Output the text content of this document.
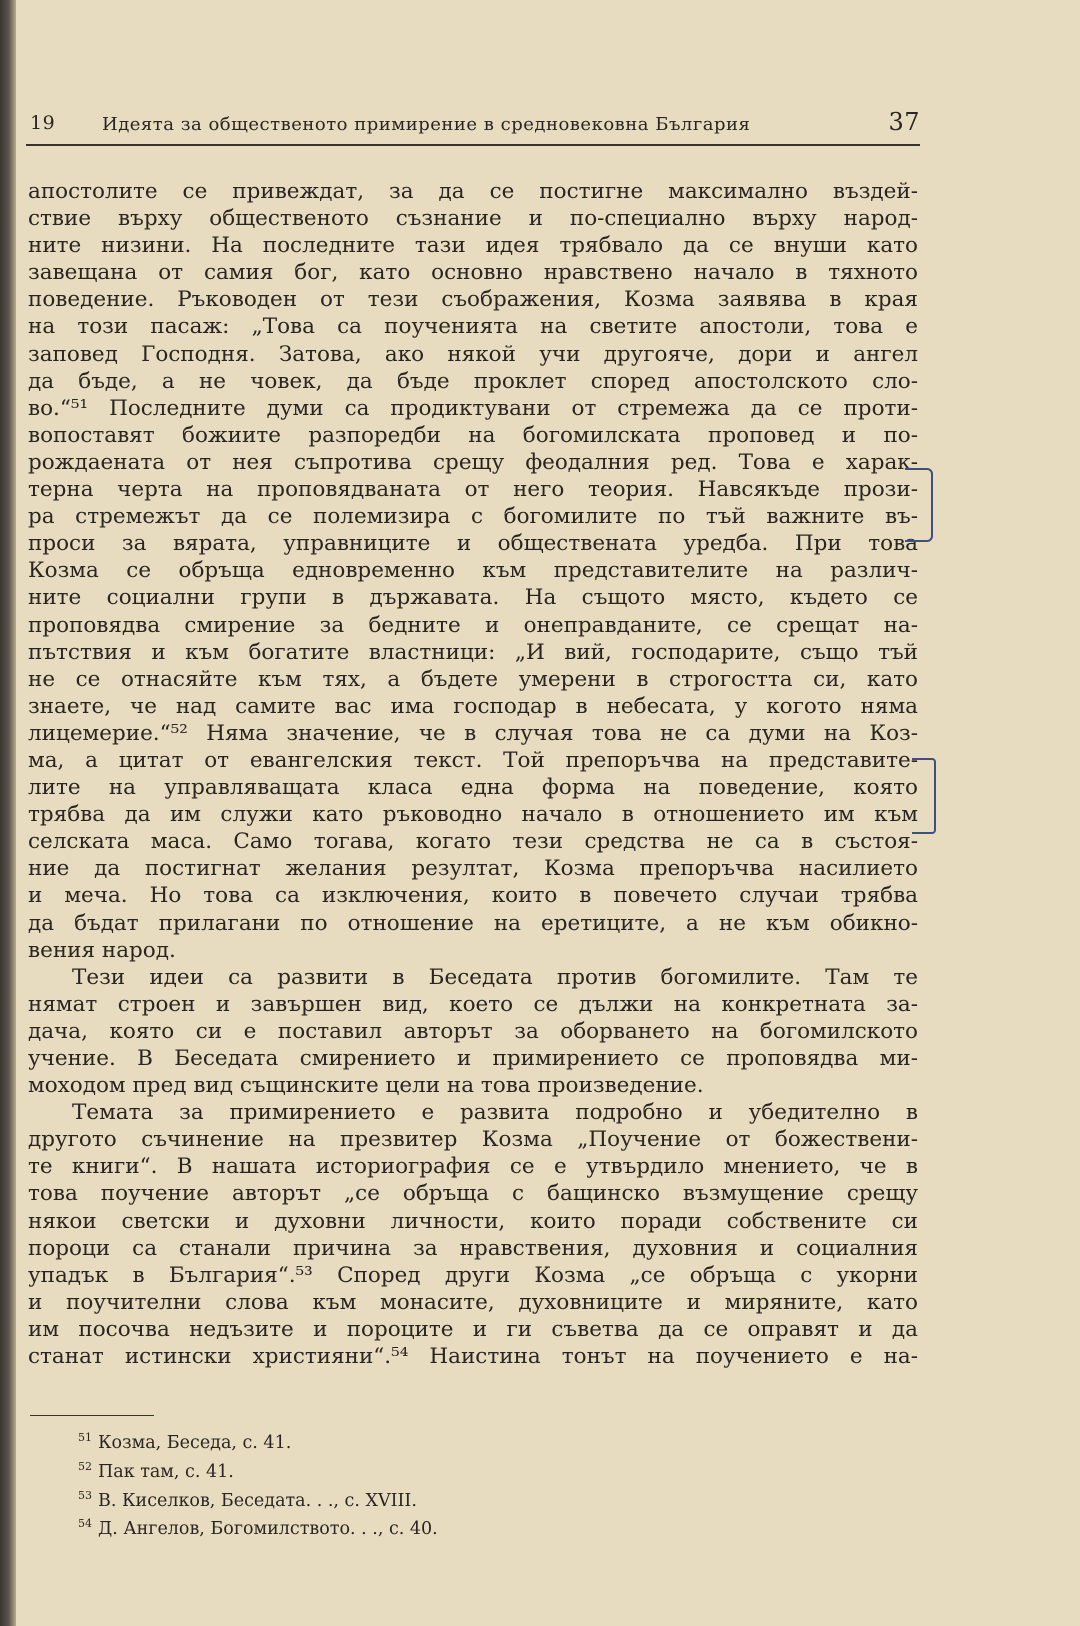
19	Идеята за общественото примирение в средновековна България	37

апостолите се привеждат, за да се постигне максимално въздей-
ствие върху общественото съзнание и по-специално върху народ-
ните низини. На последните тази идея трябвало да се внуши като
завещана от самия бог, като основно нравствено начало в тяхното
поведение. Ръководен от тези съображения, Козма заявява в края
на този пасаж: „Това са поученията на светите апостоли, това е
заповед Господня. Затова, ако някой учи другояче, дори и ангел
да бъде, а не човек, да бъде проклет според апостолското сло-
во.“⁵¹ Последните думи са продиктувани от стремежа да се проти-
вопоставят божиите разпоредби на богомилската проповед и по-
рождаената от нея съпротива срещу феодалния ред. Това е харак-
терна черта на проповядваната от него теория. Навсякъде прози-
ра стремежът да се полемизира с богомилите по тъй важните въ-
проси за вярата, управниците и обществената уредба. При това
Козма се обръща едновременно към представителите на различ-
ните социални групи в държавата. На същото място, където се
проповядва смирение за бедните и онеправданите, се срещат на-
пътствия и към богатите властници: „И вий, господарите, също тъй
не се отнасяйте към тях, а бъдете умерени в строгостта си, като
знаете, че над самите вас има господар в небесата, у когото няма
лицемерие.“⁵² Няма значение, че в случая това не са думи на Коз-
ма, а цитат от евангелския текст. Той препоръчва на представите-
лите на управляващата класа една форма на поведение, която
трябва да им служи като ръководно начало в отношението им към
селската маса. Само тогава, когато тези средства не са в състоя-
ние да постигнат желания резултат, Козма препоръчва насилието
и меча. Но това са изключения, които в повечето случаи трябва
да бъдат прилагани по отношение на еретиците, а не към обикно-
вения народ.

Тези идеи са развити в Беседата против богомилите. Там те
нямат строен и завършен вид, което се дължи на конкретната за-
дача, която си е поставил авторът за оборването на богомилското
учение. В Беседата смирението и примирението се проповядва ми-
моходом пред вид същинските цели на това произведение.

Темата за примирението е развита подробно и убедително в
другото съчинение на презвитер Козма „Поучение от божествени-
те книги“. В нашата историография се е утвърдило мнението, че в
това поучение авторът „се обръща с бащинско възмущение срещу
някои светски и духовни личности, които поради собствените си
пороци са станали причина за нравствения, духовния и социалния
упадък в България“.⁵³ Според други Козма „се обръща с укорни
и поучителни слова към монасите, духовниците и миряните, като
им посочва недъзите и пороците и ги съветва да се оправят и да
станат истински християни“.⁵⁴ Наистина тонът на поучението е на-

$^{51}$ Козма, Беседа, с. 41.
$^{52}$ Пак там, с. 41.
$^{53}$ В. Киселков, Беседата. . ., с. XVIII.
$^{54}$ Д. Ангелов, Богомилството. . ., с. 40.
